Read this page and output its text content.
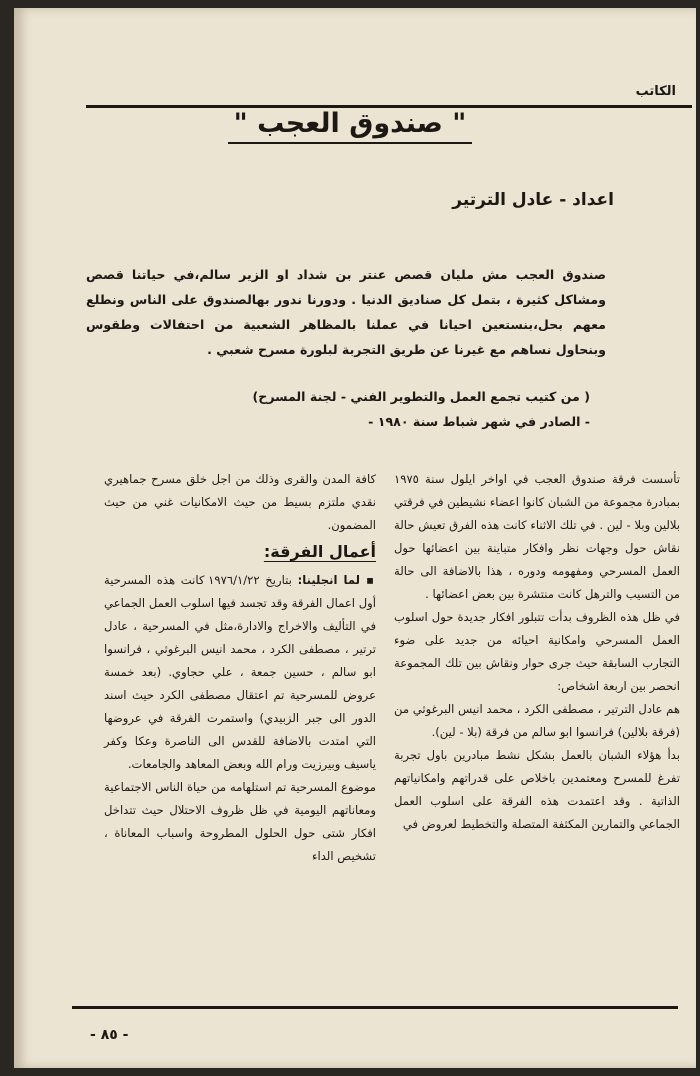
الكاتب
" صندوق العجب "
اعداد - عادل الترتير
صندوق العجب مش مليان قصص عنتر بن شداد او الزير سالم،في حياتنا قصص ومشاكل كثيرة ، بتمل كل صناديق الدنيا . ودورنا ندور بهالصندوق على الناس ونطلع معهم بحل،بنستعين احيانا في عملنا بالمظاهر الشعبية من احتفالات وطقوس وبنحاول نساهم مع غيرنا عن طريق التجربة لبلورة مسرح شعبي .
( من كتيب تجمع العمل والتطوير الفني - لجنة المسرح)
- الصادر في شهر شباط سنة ١٩٨٠ -

تأسست فرقة صندوق العجب في اواخر ايلول سنة ١٩٧٥ بمبادرة مجموعة من الشبان كانوا اعضاء نشيطين في فرقتي بلالين وبلا - لين . في تلك الاثناء كانت هذه الفرق تعيش حالة نقاش حول وجهات نظر وافكار متباينة بين اعضائها حول العمل المسرحي ومفهومه ودوره ، هذا بالاضافة الى حالة من التسيب والترهل كانت منتشرة بين بعض اعضائها .

في ظل هذه الظروف بدأت تتبلور افكار جديدة حول اسلوب العمل المسرحي وامكانية احيائه من جديد على ضوء التجارب السابقة حيث جرى حوار ونقاش بين تلك المجموعة انحصر بين اربعة اشخاص:

هم عادل الترتير ، مصطفى الكرد ، محمد انيس البرغوثي من (فرقة بلالين) فرانسوا ابو سالم من فرقة (بلا - لين).

بدأ هؤلاء الشبان بالعمل بشكل نشط مبادرين باول تجربة تفرغ للمسرح ومعتمدين باخلاص على قدراتهم وامكانياتهم الذاتية . وقد اعتمدت هذه الفرقة على اسلوب العمل الجماعي والتمارين المكثفة المتصلة والتخطيط لعروض في

كافة المدن والقرى وذلك من اجل خلق مسرح جماهيري نقدي ملتزم بسيط من حيث الامكانيات غني من حيث المضمون.

أعمال الفرقة:

▪ لما انجلينا: بتاريخ ١٩٧٦/١/٢٢ كانت هذه المسرحية أول اعمال الفرقة وقد تجسد فيها اسلوب العمل الجماعي في التأليف والاخراج والادارة،مثل في المسرحية ، عادل ترتير ، مصطفى الكرد ، محمد انيس البرغوثي ، فرانسوا ابو سالم ، حسين جمعة ، علي حجاوي. (بعد خمسة عروض للمسرحية تم اعتقال مصطفى الكرد حيث اسند الدور الى جبر الزبيدي) واستمرت الفرقة في عروضها التي امتدت بالاضافة للقدس الى الناصرة وعكا وكفر ياسيف وبيرزيت ورام الله وبعض المعاهد والجامعات.

موضوع المسرحية تم استلهامه من حياة الناس الاجتماعية ومعاناتهم اليومية في ظل ظروف الاحتلال حيث تتداخل افكار شتى حول الحلول المطروحة واسباب المعاناة ، تشخيص الداء

- ٨٥ -
